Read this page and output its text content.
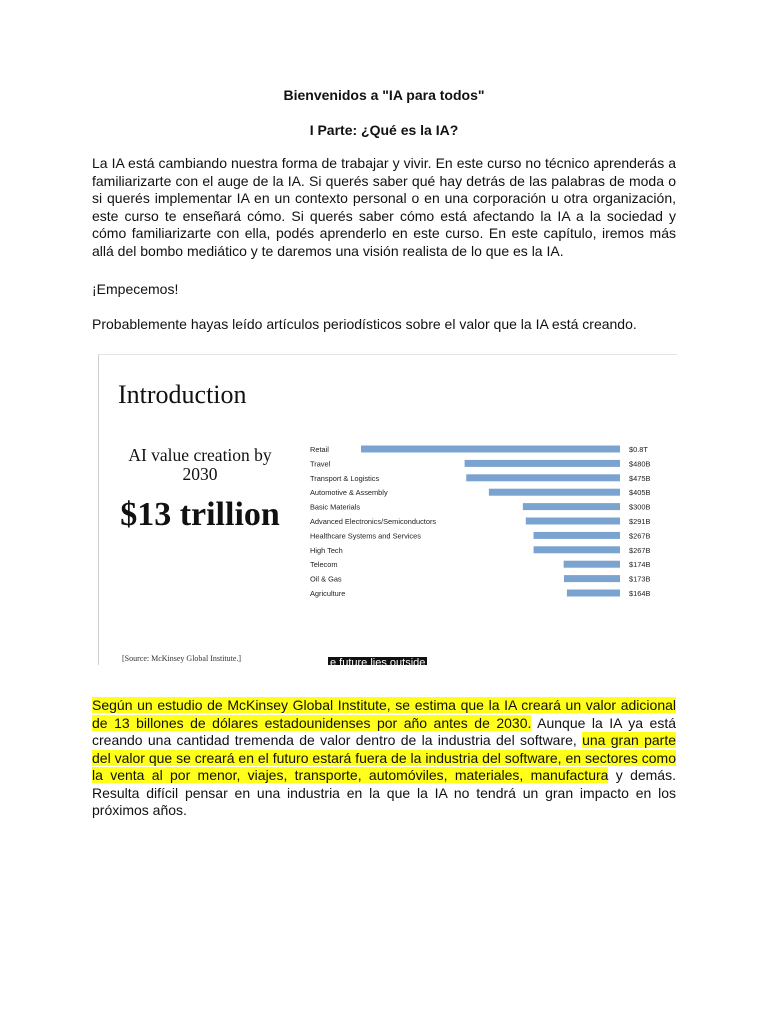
Bienvenidos a "IA para todos"
I Parte: ¿Qué es la IA?
La IA está cambiando nuestra forma de trabajar y vivir. En este curso no técnico aprenderás a familiarizarte con el auge de la IA. Si querés saber qué hay detrás de las palabras de moda o si querés implementar IA en un contexto personal o en una corporación u otra organización, este curso te enseñará cómo. Si querés saber cómo está afectando la IA a la sociedad y cómo familiarizarte con ella, podés aprenderlo en este curso. En este capítulo, iremos más allá del bombo mediático y te daremos una visión realista de lo que es la IA.
¡Empecemos!
Probablemente hayas leído artículos periodísticos sobre el valor que la IA está creando.
Introduction
AI value creation by 2030
$13 trillion
Retail	$0.8T
Travel	$480B
Transport & Logistics	$475B
Automotive & Assembly	$405B
Basic Materials	$300B
Advanced Electronics/Semiconductors	$291B
Healthcare Systems and Services	$267B
High Tech	$267B
Telecom	$174B
Oil & Gas	$173B
Agriculture	$164B
[Source: McKinsey Global Institute.]	e future lies outside
Según un estudio de McKinsey Global Institute, se estima que la IA creará un valor adicional de 13 billones de dólares estadounidenses por año antes de 2030. Aunque la IA ya está creando una cantidad tremenda de valor dentro de la industria del software, una gran parte del valor que se creará en el futuro estará fuera de la industria del software, en sectores como la venta al por menor, viajes, transporte, automóviles, materiales, manufactura y demás. Resulta difícil pensar en una industria en la que la IA no tendrá un gran impacto en los próximos años.
